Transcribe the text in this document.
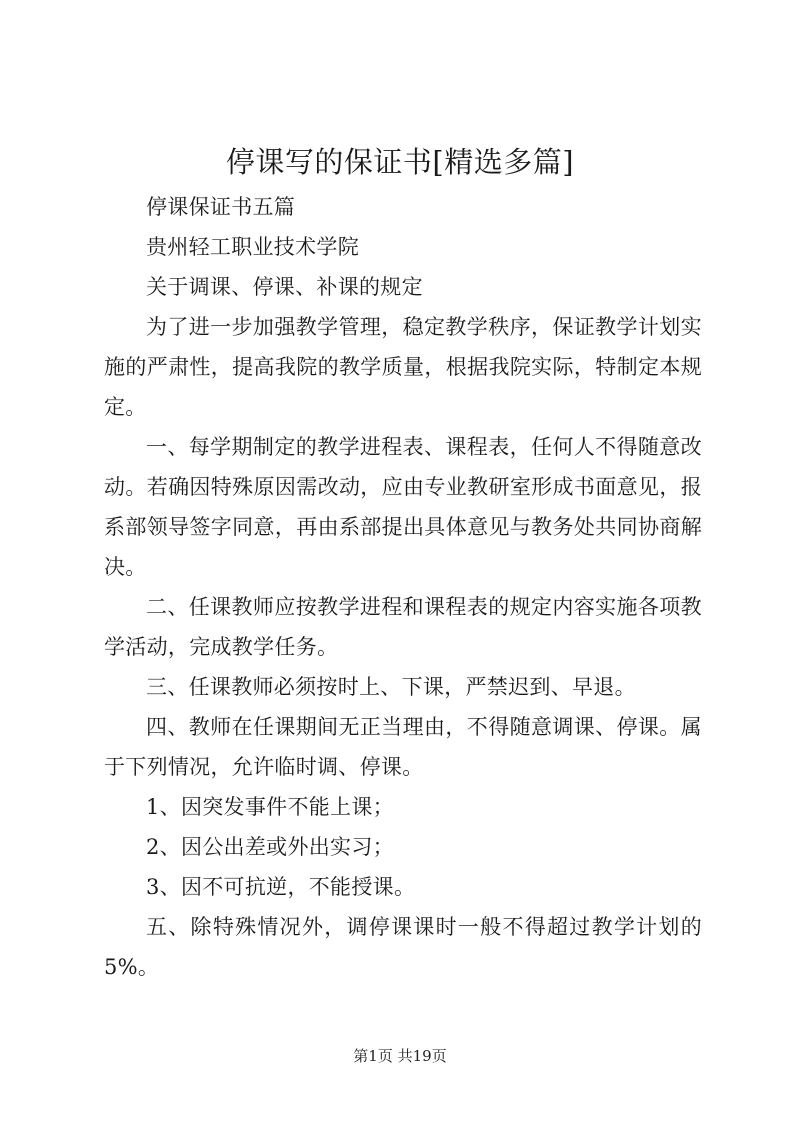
停课写的保证书[精选多篇]

停课保证书五篇

贵州轻工职业技术学院

关于调课、停课、补课的规定

为了进一步加强教学管理，稳定教学秩序，保证教学计划实施的严肃性，提高我院的教学质量，根据我院实际，特制定本规定。

一、每学期制定的教学进程表、课程表，任何人不得随意改动。若确因特殊原因需改动，应由专业教研室形成书面意见，报系部领导签字同意，再由系部提出具体意见与教务处共同协商解决。

二、任课教师应按教学进程和课程表的规定内容实施各项教学活动，完成教学任务。

三、任课教师必须按时上、下课，严禁迟到、早退。

四、教师在任课期间无正当理由，不得随意调课、停课。属于下列情况，允许临时调、停课。

1、因突发事件不能上课；

2、因公出差或外出实习；

3、因不可抗逆，不能授课。

五、除特殊情况外，调停课课时一般不得超过教学计划的5%。

第1页 共19页
